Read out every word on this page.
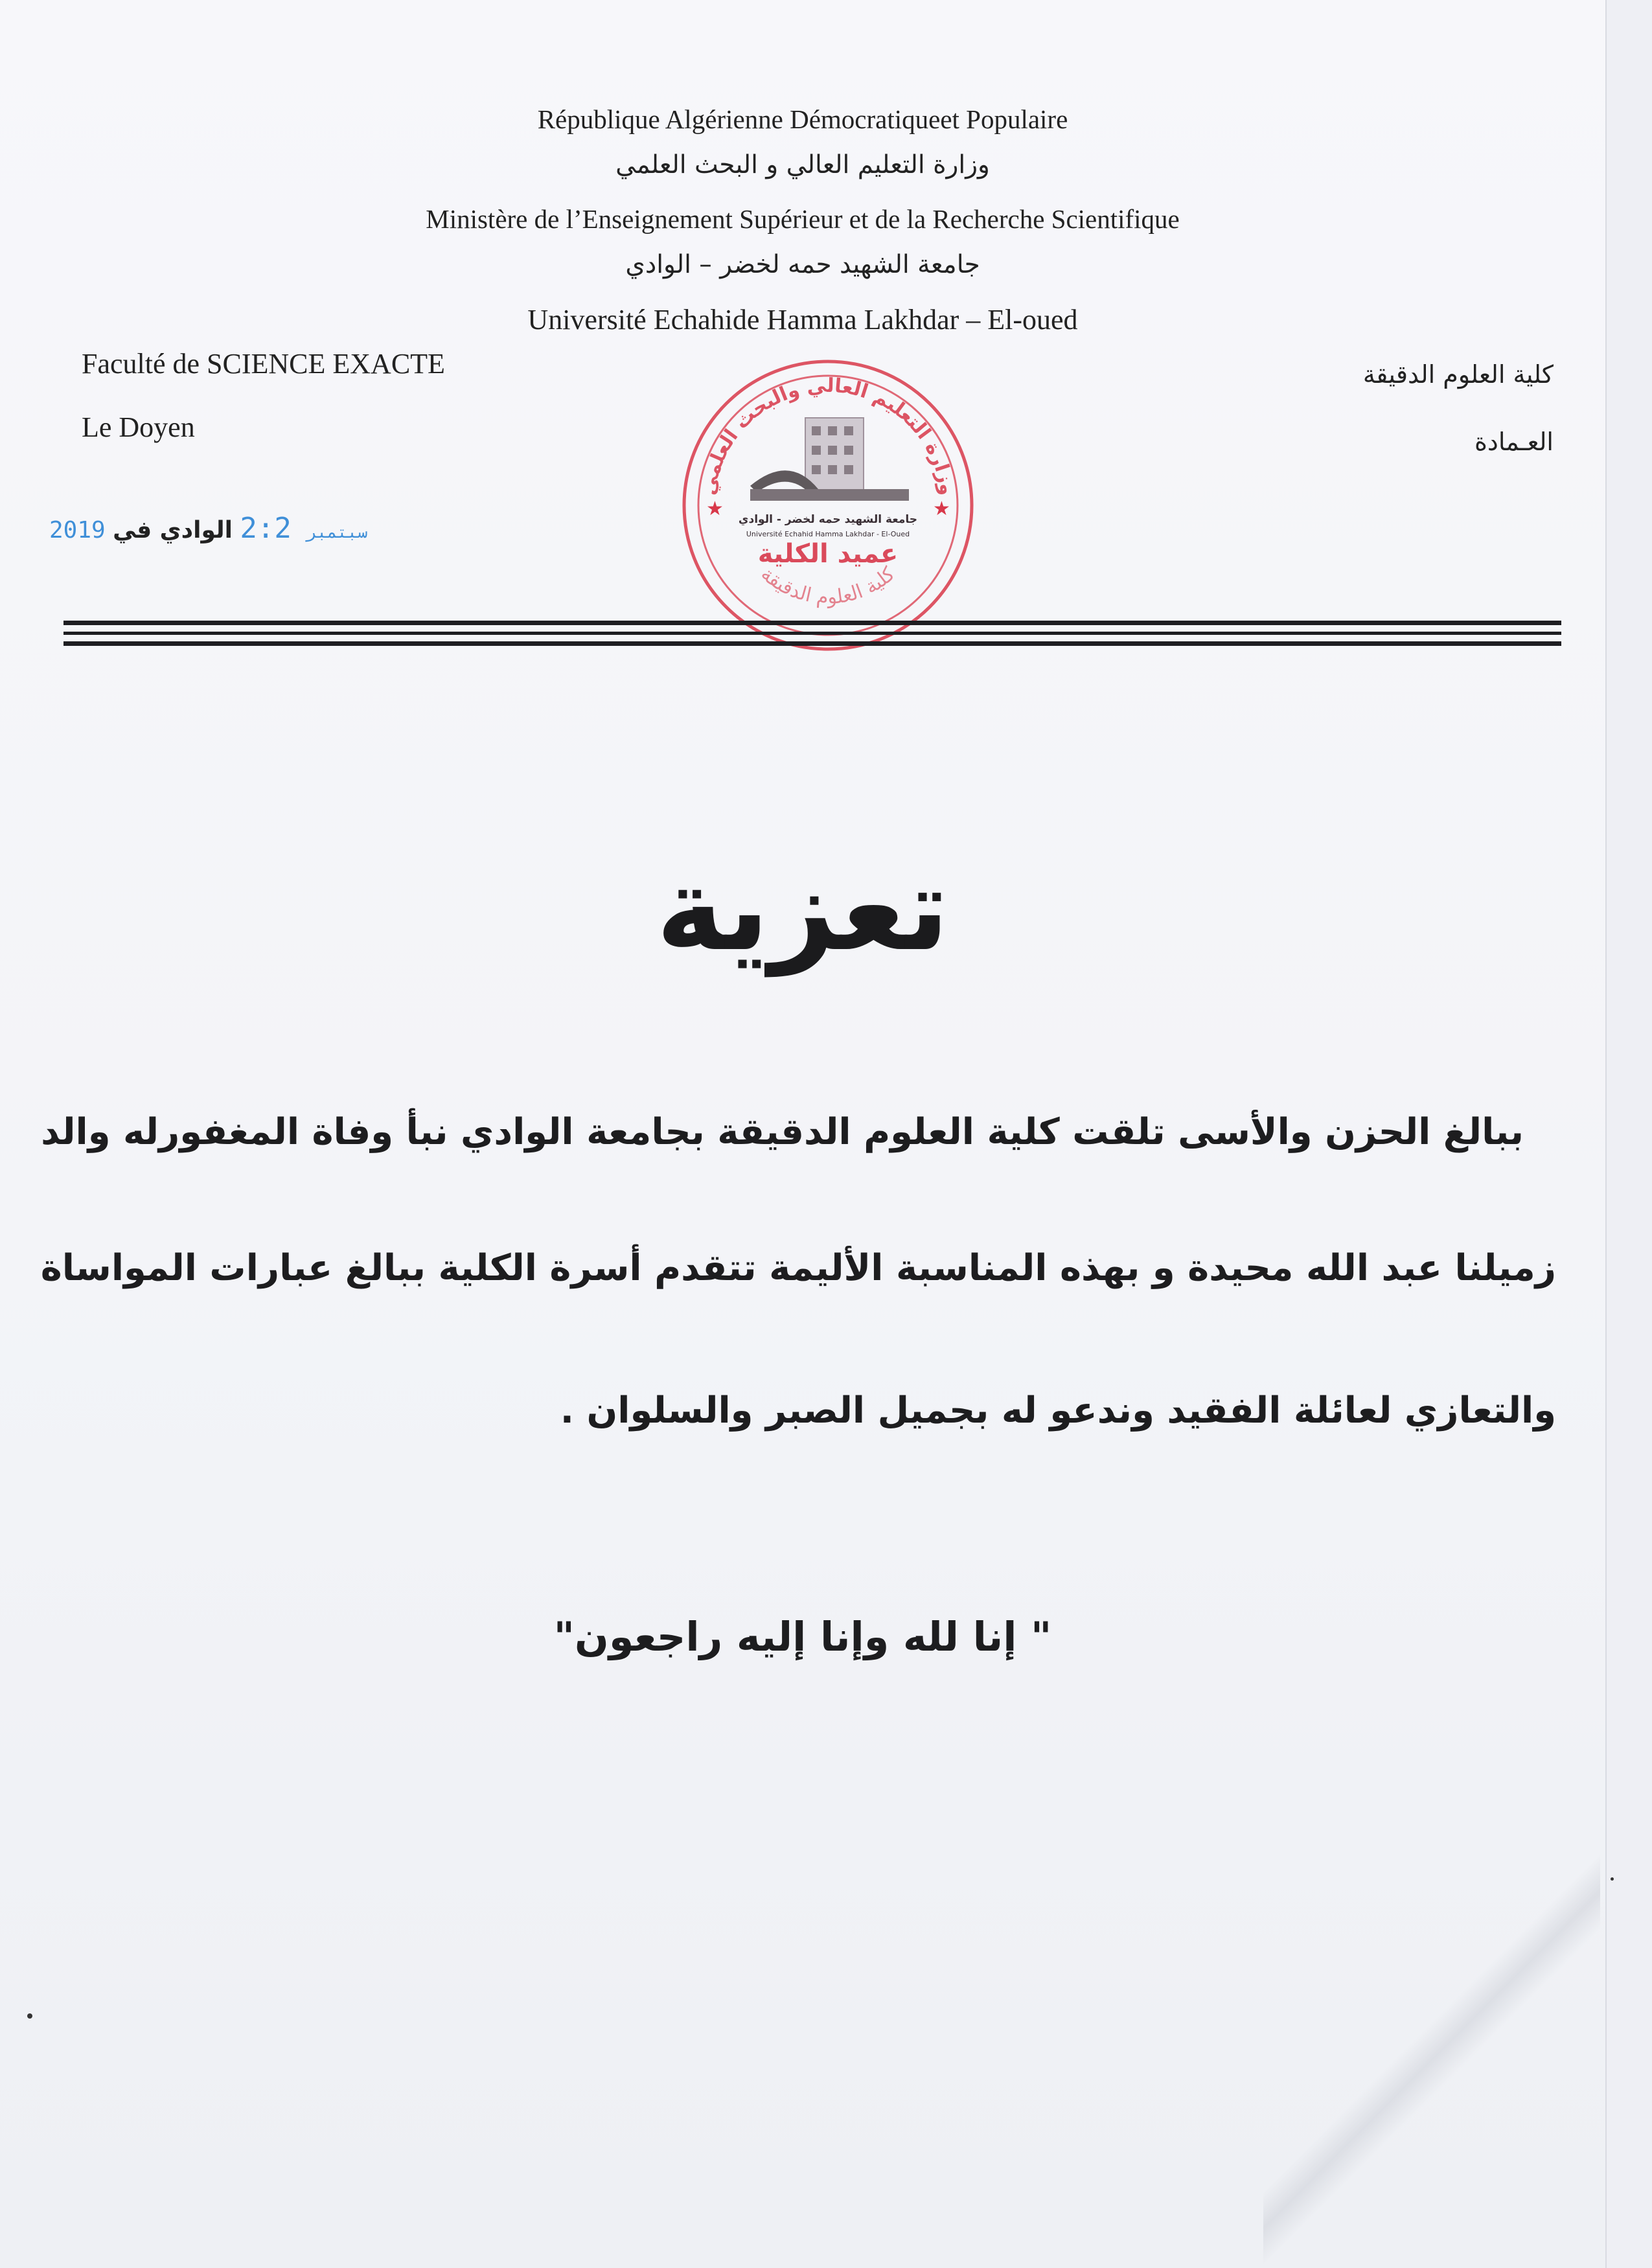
République Algérienne Démocratiqueet Populaire
وزارة التعليم العالي و البحث العلمي
Ministère de l’Enseignement Supérieur et de la Recherche Scientifique
جامعة الشهيد حمه لخضر – الوادي
Université Echahide Hamma Lakhdar – El-oued
Faculté de SCIENCE EXACTE
Le Doyen
كلية العلوم الدقيقة
العـمادة
2019	سبتمبر 2:2 الوادي في
وزارة التعليم العالي والبحث العلمي
جامعة الشهيد حمه لخضر - الوادي
Université Echahid Hamma Lakhdar - El-Oued
عميد الكلية
★	★
كلية العلوم الدقيقة
تعزية
ببالغ الحزن والأسى تلقت كلية العلوم الدقيقة بجامعة الوادي نبأ وفاة المغفورله والد
زميلنا عبد الله محيدة و بهذه المناسبة الأليمة تتقدم أسرة الكلية ببالغ عبارات المواساة
والتعازي لعائلة الفقيد وندعو له بجميل الصبر والسلوان .
" إنا لله وإنا إليه راجعون"
